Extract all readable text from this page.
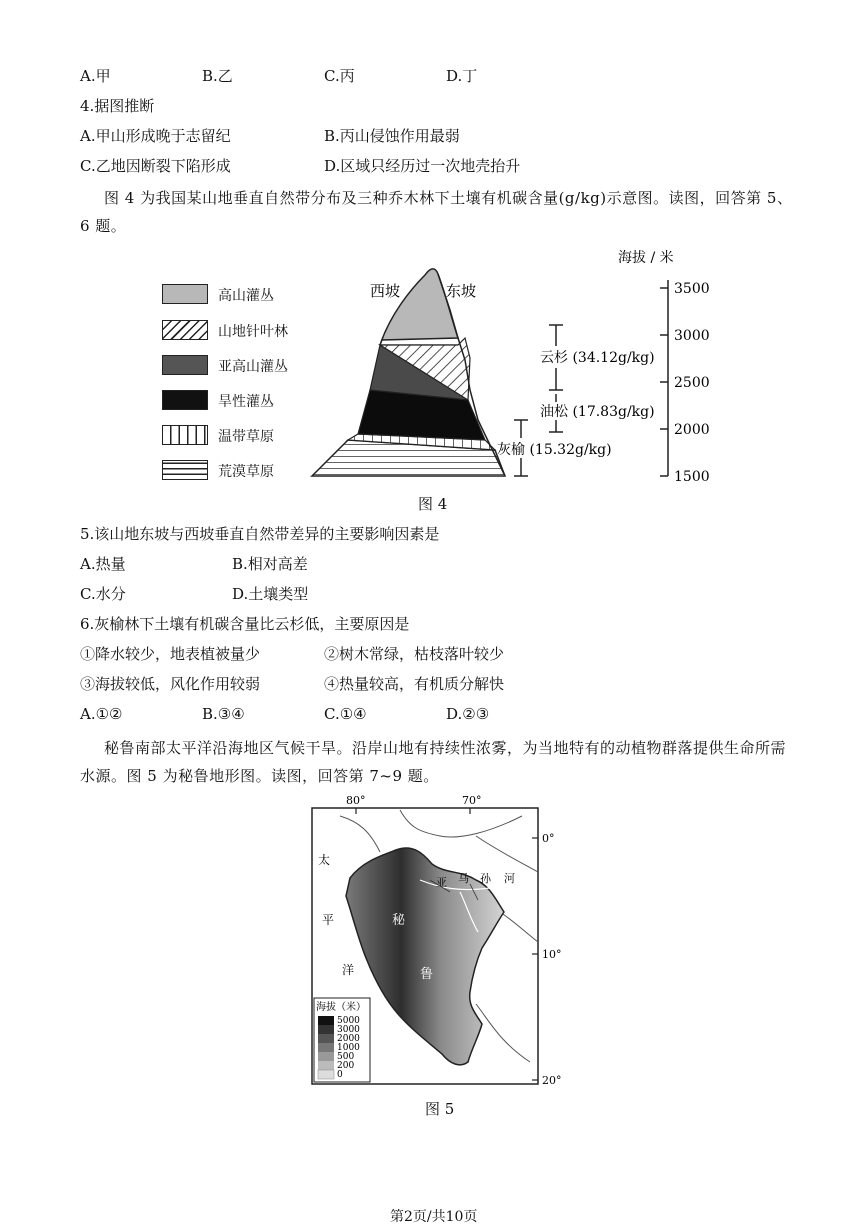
A.甲	B.乙	C.丙	D.丁
4.据图推断
A.甲山形成晚于志留纪	B.丙山侵蚀作用最弱
C.乙地因断裂下陷形成	D.区域只经历过一次地壳抬升
图 4 为我国某山地垂直自然带分布及三种乔木林下土壤有机碳含量(g/kg)示意图。读图，回答第 5、6 题。
高山灌丛
山地针叶林
亚高山灌丛
旱性灌丛
温带草原
荒漠草原
西坡	东坡
海拔 / 米
3500
3000
2500
2000
1500
云杉 (34.12g/kg)
油松 (17.83g/kg)
灰榆 (15.32g/kg)
图 4
5.该山地东坡与西坡垂直自然带差异的主要影响因素是
A.热量	B.相对高差
C.水分	D.土壤类型
6.灰榆林下土壤有机碳含量比云杉低，主要原因是
①降水较少，地表植被量少	②树木常绿，枯枝落叶较少
③海拔较低，风化作用较弱	④热量较高，有机质分解快
A.①②	B.③④	C.①④	D.②③
秘鲁南部太平洋沿海地区气候干旱。沿岸山地有持续性浓雾，为当地特有的动植物群落提供生命所需水源。图 5 为秘鲁地形图。读图，回答第 7~9 题。
80°	70°
0°
10°
20°
太
平
洋
亚 马 孙 河
秘
鲁
海拔（米）
5000
3000
2000
1000
500
200
0
图 5
第2页/共10页
